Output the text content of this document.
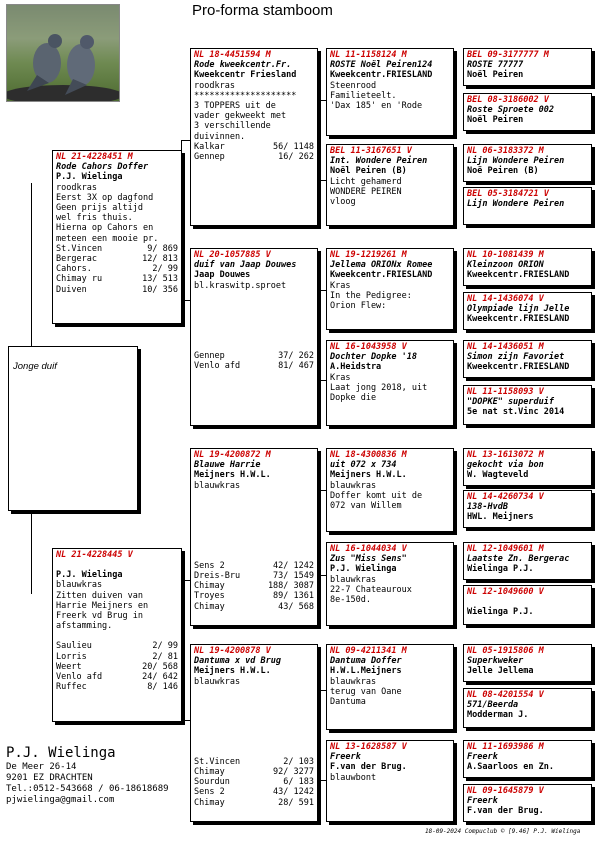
Pro-forma stamboom
NL 21-4228451 M
Rode Cahors Doffer
P.J. Wielinga
roodkras
Eerst 3X op dagfond
Geen prijs altijd
wel fris thuis.
Hierna op Cahors en
meteen een mooie pr.
St.Vincen	9/ 869
Bergerac	12/ 813
Cahors.	2/ 99
Chimay ru	13/ 513
Duiven	10/ 356
Jonge duif
NL 21-4228445 V
P.J. Wielinga
blauwkras
Zitten duiven van
Harrie Meijners en
Freerk vd Brug in
afstamming.
Saulieu	2/ 99
Lorris	2/ 81
Weert	20/ 568
Venlo afd	24/ 642
Ruffec	8/ 146
NL 18-4451594 M
Rode kweekcentr.Fr.
Kweekcentr Friesland
roodkras
********************
3 TOPPERS uit de
vader gekweekt met
3 verschillende
duivinnen.
Kalkar	56/ 1148
Gennep	16/ 262
NL 20-1057885 V
duif van Jaap Douwes
Jaap Douwes
bl.kraswitp.sproet
Gennep	37/ 262
Venlo afd	81/ 467
NL 19-4200872 M
Blauwe Harrie
Meijners H.W.L.
blauwkras
Sens 2	42/ 1242
Dreis-Bru	73/ 1549
Chimay	188/ 3087
Troyes	89/ 1361
Chimay	43/ 568
NL 19-4200878 V
Dantuma x vd Brug
Meijners H.W.L.
blauwkras
St.Vincen	2/ 103
Chimay	92/ 3277
Sourdun	6/ 183
Sens 2	43/ 1242
Chimay	28/ 591
NL 11-1158124 M
ROSTE Noël Peiren124
Kweekcentr.FRIESLAND
Steenrood
Familieteelt.
'Dax 185' en 'Rode
BEL 11-3167651 V
Int. Wondere Peiren
Noël Peiren (B)
Licht gehamerd
WONDERE PEIREN
vloog
NL 19-1219261 M
Jellema ORIONx Romee
Kweekcentr.FRIESLAND
Kras
In the Pedigree:
Orion Flew:
NL 16-1043958 V
Dochter Dopke '18
A.Heidstra
Kras
Laat jong 2018, uit
Dopke die
NL 18-4300836 M
uit 072 x 734
Meijners H.W.L.
blauwkras
Doffer komt uit de
072 van Willem
NL 16-1044034 V
Zus "Miss Sens"
P.J. Wielinga
blauwkras
22-7 Chateauroux
8e-150d.
NL 09-4211341 M
Dantuma Doffer
H.W.L.Meijners
blauwkras
terug van Oane
Dantuma
NL 13-1628587 V
Freerk
F.van der Brug.
blauwbont
BEL 09-3177777 M
ROSTE 77777
Noël Peiren
BEL 08-3186002 V
Roste Sproete 002
Noël Peiren
NL 06-3183372 M
Lijn Wondere Peiren
Noë Peiren (B)
BEL 05-3184721 V
Lijn Wondere Peiren
NL 10-1081439 M
Kleinzoon ORION
Kweekcentr.FRIESLAND
NL 14-1436074 V
Olympiade lijn Jelle
Kweekcentr.FRIESLAND
NL 14-1436051 M
Simon zijn Favoriet
Kweekcentr.FRIESLAND
NL 11-1158093 V
"DOPKE" superduif
5e nat st.Vinc 2014
NL 13-1613072 M
gekocht via bon
W. Wagteveld
NL 14-4260734 V
138-HvdB
HWL. Meijners
NL 12-1049601 M
Laatste Zn. Bergerac
Wielinga P.J.
NL 12-1049600 V
Wielinga P.J.
NL 05-1915806 M
Superkweker
Jelle Jellema
NL 08-4201554 V
571/Beerda
Modderman J.
NL 11-1693986 M
Freerk
A.Saarloos en Zn.
NL 09-1645879 V
Freerk
F.van der Brug.
P.J. Wielinga
De Meer 26-14
9201 EZ DRACHTEN
Tel.:0512-543668 / 06-18618689
pjwielinga@gmail.com
18-09-2024 Compuclub © [9.46] P.J. Wielinga
